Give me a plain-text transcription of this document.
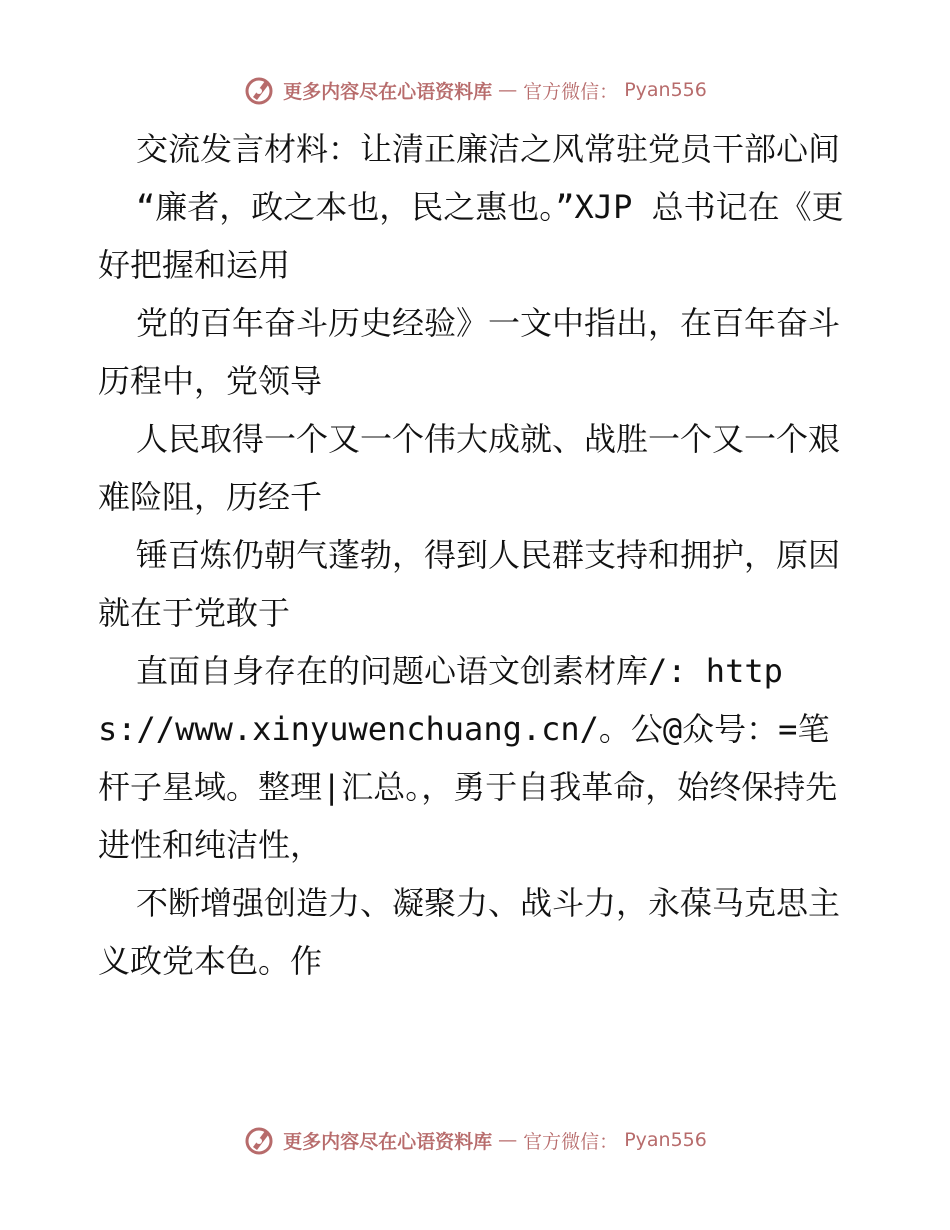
更多内容尽在心语资料库 — 官方微信： Pyan556

交流发言材料：让清正廉洁之风常驻党员干部心间

“廉者，政之本也，民之惠也。”XJP 总书记在《更好把握和运用

党的百年奋斗历史经验》一文中指出，在百年奋斗历程中，党领导

人民取得一个又一个伟大成就、战胜一个又一个艰难险阻，历经千

锤百炼仍朝气蓬勃，得到人民群支持和拥护，原因就在于党敢于

直面自身存在的问题心语文创素材库/: https://www.xinyuwenchuang.cn/。公@众号：=笔杆子星域。整理|汇总。，勇于自我革命，始终保持先进性和纯洁性，

不断增强创造力、凝聚力、战斗力，永葆马克思主义政党本色。作

更多内容尽在心语资料库 — 官方微信： Pyan556
